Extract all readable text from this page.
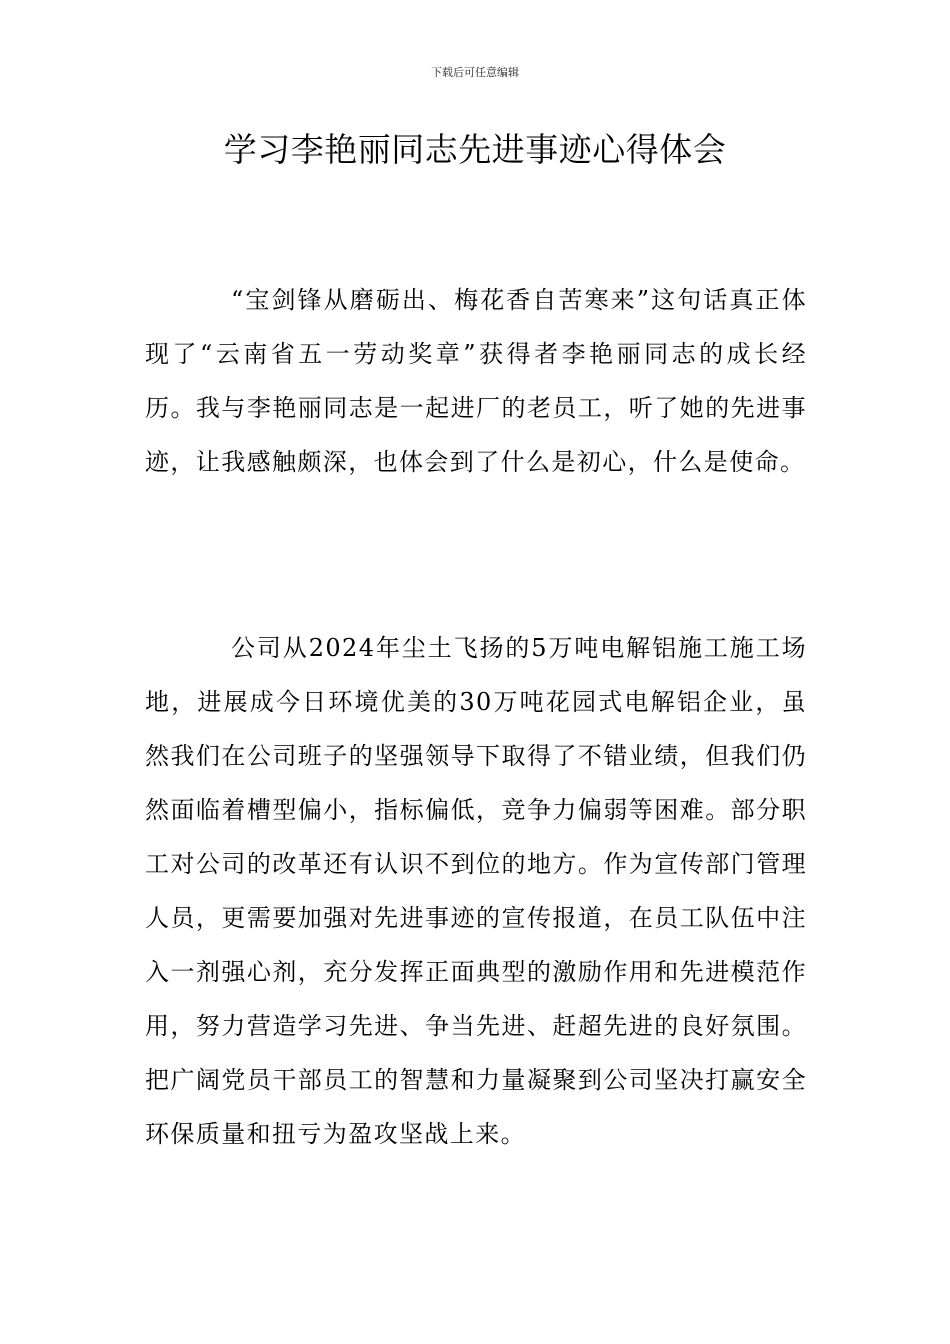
下载后可任意编辑
学习李艳丽同志先进事迹心得体会

“宝剑锋从磨砺出、梅花香自苦寒来”这句话真正体现了“云南省五一劳动奖章”获得者李艳丽同志的成长经历。我与李艳丽同志是一起进厂的老员工，听了她的先进事迹，让我感触颇深，也体会到了什么是初心，什么是使命。

公司从2024年尘土飞扬的5万吨电解铝施工施工场地，进展成今日环境优美的30万吨花园式电解铝企业，虽然我们在公司班子的坚强领导下取得了不错业绩，但我们仍然面临着槽型偏小，指标偏低，竞争力偏弱等困难。部分职工对公司的改革还有认识不到位的地方。作为宣传部门管理人员，更需要加强对先进事迹的宣传报道，在员工队伍中注入一剂强心剂，充分发挥正面典型的激励作用和先进模范作用，努力营造学习先进、争当先进、赶超先进的良好氛围。把广阔党员干部员工的智慧和力量凝聚到公司坚决打赢安全环保质量和扭亏为盈攻坚战上来。
